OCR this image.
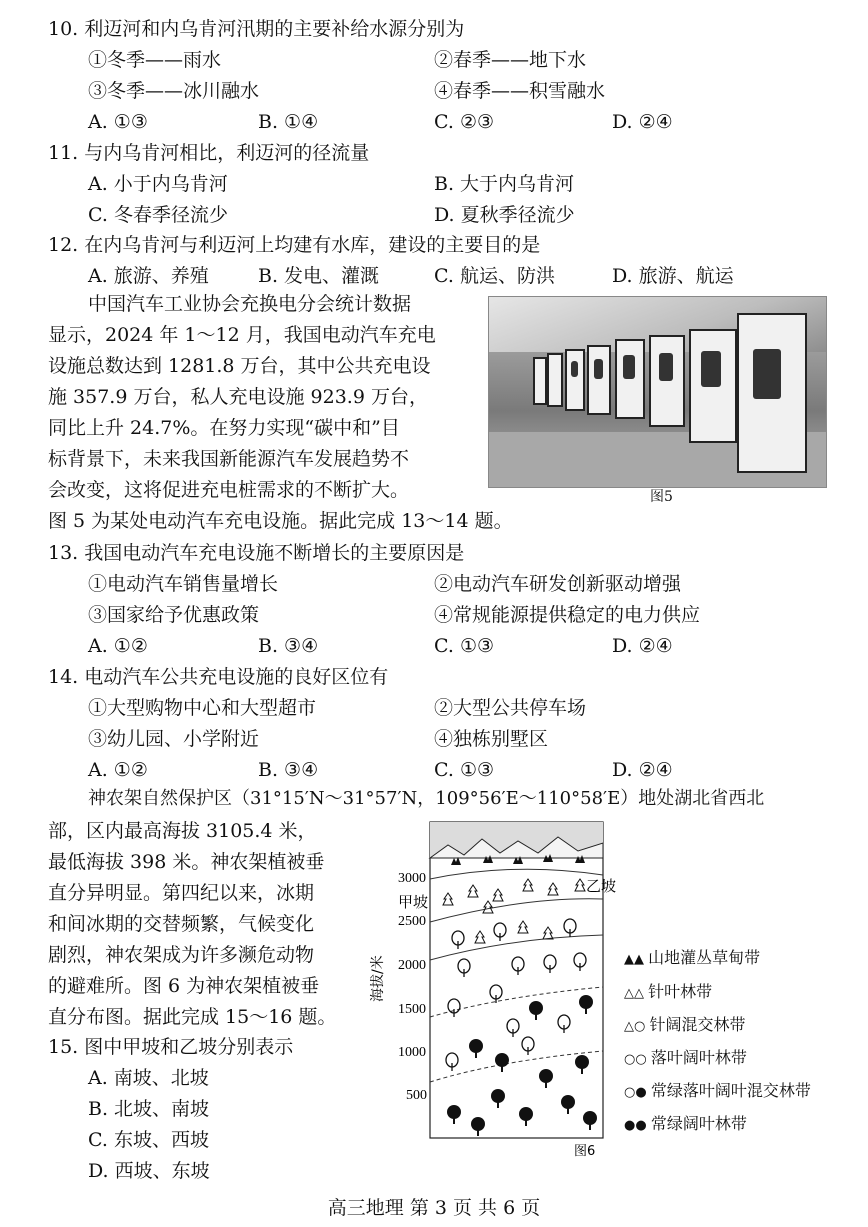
10. 利迈河和内乌肯河汛期的主要补给水源分别为
①冬季——雨水	②春季——地下水
③冬季——冰川融水	④春季——积雪融水
A. ①③	B. ①④	C. ②③	D. ②④
11. 与内乌肯河相比，利迈河的径流量
A. 小于内乌肯河	B. 大于内乌肯河
C. 冬春季径流少	D. 夏秋季径流少
12. 在内乌肯河与利迈河上均建有水库，建设的主要目的是
A. 旅游、养殖	B. 发电、灌溉	C. 航运、防洪	D. 旅游、航运
中国汽车工业协会充换电分会统计数据
显示，2024 年 1～12 月，我国电动汽车充电
设施总数达到 1281.8 万台，其中公共充电设
施 357.9 万台，私人充电设施 923.9 万台，
同比上升 24.7%。在努力实现“碳中和”目
标背景下，未来我国新能源汽车发展趋势不
会改变，这将促进充电桩需求的不断扩大。
图 5 为某处电动汽车充电设施。据此完成 13～14 题。
图5
13. 我国电动汽车充电设施不断增长的主要原因是
①电动汽车销售量增长	②电动汽车研发创新驱动增强
③国家给予优惠政策	④常规能源提供稳定的电力供应
A. ①②	B. ③④	C. ①③	D. ②④
14. 电动汽车公共充电设施的良好区位有
①大型购物中心和大型超市	②大型公共停车场
③幼儿园、小学附近	④独栋别墅区
A. ①②	B. ③④	C. ①③	D. ②④
神农架自然保护区（31°15′N～31°57′N，109°56′E～110°58′E）地处湖北省西北
部，区内最高海拔 3105.4 米，
最低海拔 398 米。神农架植被垂
直分异明显。第四纪以来，冰期
和间冰期的交替频繁，气候变化
剧烈，神农架成为许多濒危动物
的避难所。图 6 为神农架植被垂
直分布图。据此完成 15～16 题。
15. 图中甲坡和乙坡分别表示
A. 南坡、北坡
B. 北坡、南坡
C. 东坡、西坡
D. 西坡、东坡
3000
2500
2000
1500
1000
500
海拔/米
甲坡
乙坡
图6
▲▲ 山地灌丛草甸带
△△ 针叶林带
△○ 针阔混交林带
○○ 落叶阔叶林带
○● 常绿落叶阔叶混交林带
●● 常绿阔叶林带
高三地理 第 3 页 共 6 页
